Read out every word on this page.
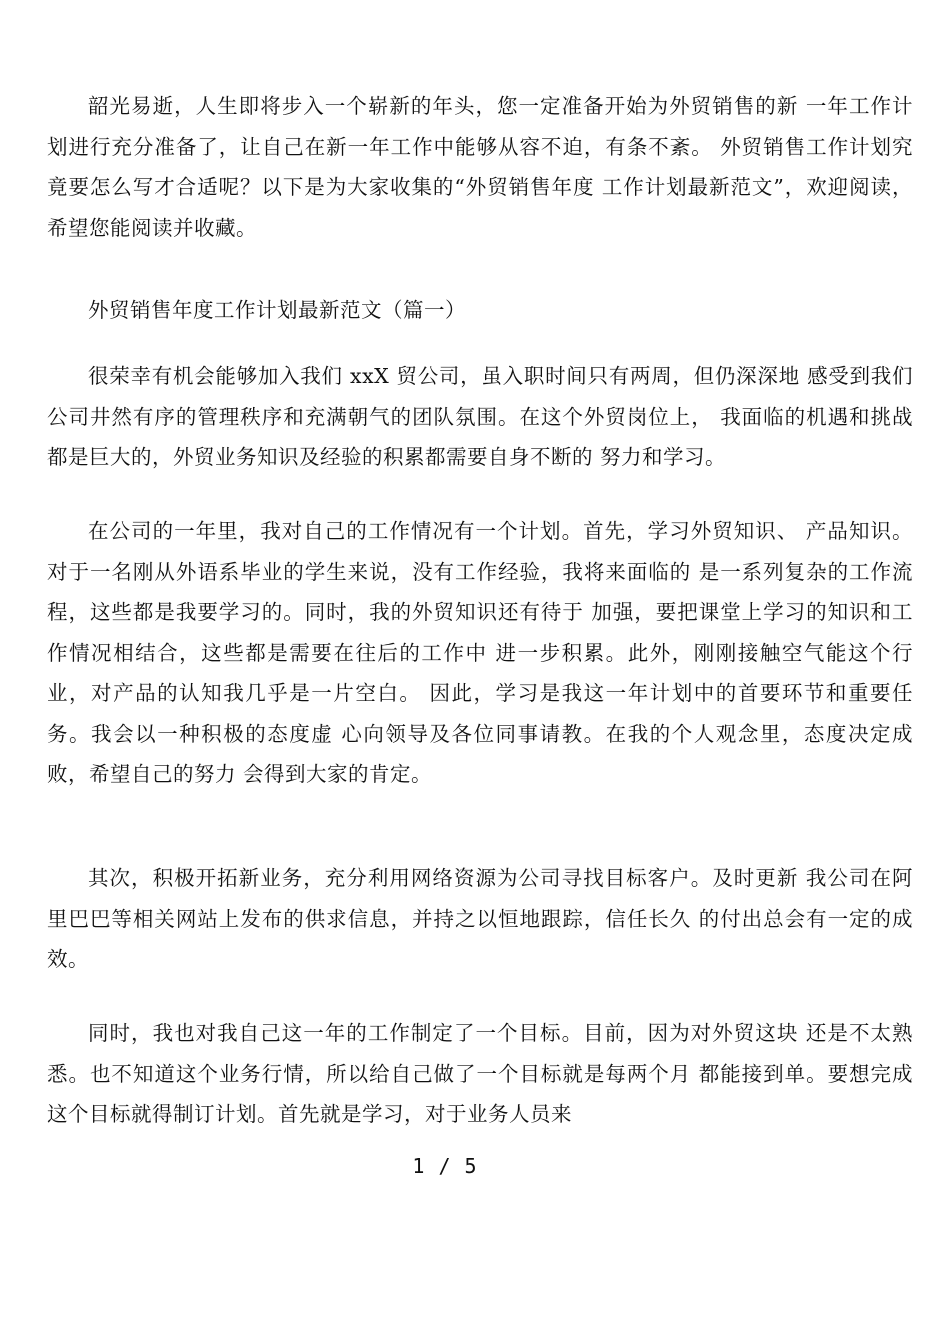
韶光易逝，人生即将步入一个崭新的年头，您一定准备开始为外贸销售的新 一年工作计划进行充分准备了，让自己在新一年工作中能够从容不迫，有条不紊。 外贸销售工作计划究竟要怎么写才合适呢？以下是为大家收集的“外贸销售年度 工作计划最新范文”，欢迎阅读，希望您能阅读并收藏。

外贸销售年度工作计划最新范文（篇一）

很荣幸有机会能够加入我们 xxX 贸公司，虽入职时间只有两周，但仍深深地 感受到我们公司井然有序的管理秩序和充满朝气的团队氛围。在这个外贸岗位上， 我面临的机遇和挑战都是巨大的，外贸业务知识及经验的积累都需要自身不断的 努力和学习。

在公司的一年里，我对自己的工作情况有一个计划。首先，学习外贸知识、 产品知识。对于一名刚从外语系毕业的学生来说，没有工作经验，我将来面临的 是一系列复杂的工作流程，这些都是我要学习的。同时，我的外贸知识还有待于 加强，要把课堂上学习的知识和工作情况相结合，这些都是需要在往后的工作中 进一步积累。此外，刚刚接触空气能这个行业，对产品的认知我几乎是一片空白。 因此，学习是我这一年计划中的首要环节和重要任务。我会以一种积极的态度虚 心向领导及各位同事请教。在我的个人观念里，态度决定成败，希望自己的努力 会得到大家的肯定。

其次，积极开拓新业务，充分利用网络资源为公司寻找目标客户。及时更新 我公司在阿里巴巴等相关网站上发布的供求信息，并持之以恒地跟踪，信任长久 的付出总会有一定的成效。

同时，我也对我自己这一年的工作制定了一个目标。目前，因为对外贸这块 还是不太熟悉。也不知道这个业务行情，所以给自己做了一个目标就是每两个月 都能接到单。要想完成这个目标就得制订计划。首先就是学习，对于业务人员来

1 / 5
